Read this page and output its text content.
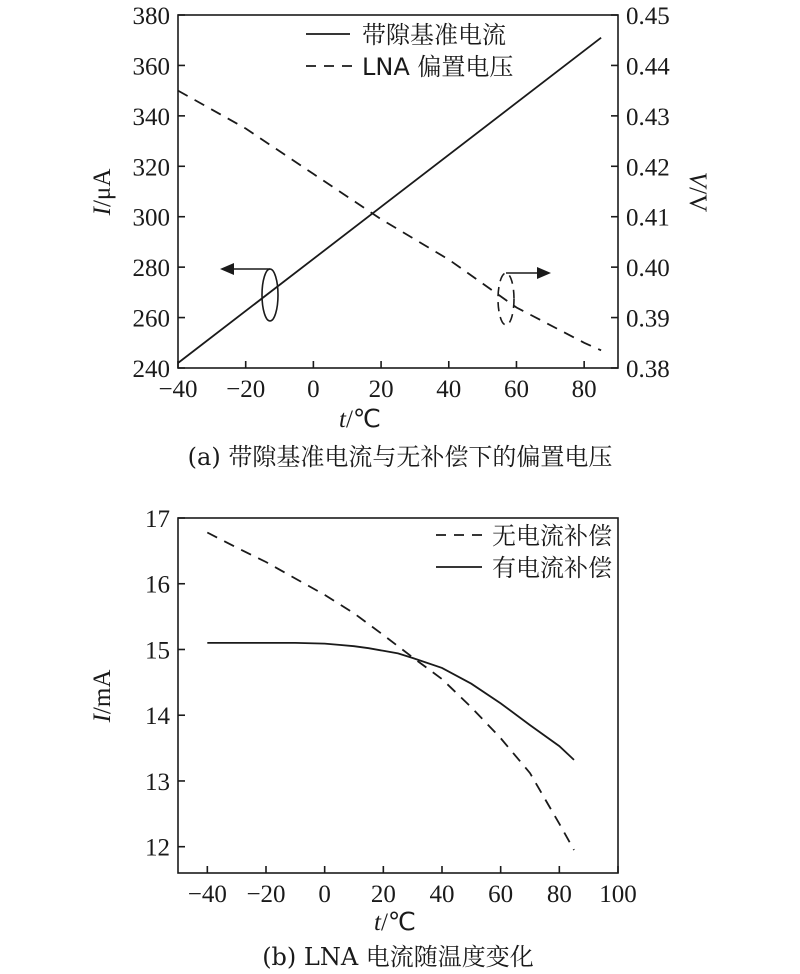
−40 −20 0 20 40 60 80
240
260
280
300
320
340
360
380
0.38
0.39
0.40
0.41
0.42
0.43
0.44
0.45
带隙基准电流
LNA 偏置电压
t/℃
I/μA	V/V
(a) 带隙基准电流与无补偿下的偏置电压
−40 −20 0 20 40 60 80 100
12
13
14
15
16
17
无电流补偿
有电流补偿
t/℃
I/mA
(b) LNA 电流随温度变化
